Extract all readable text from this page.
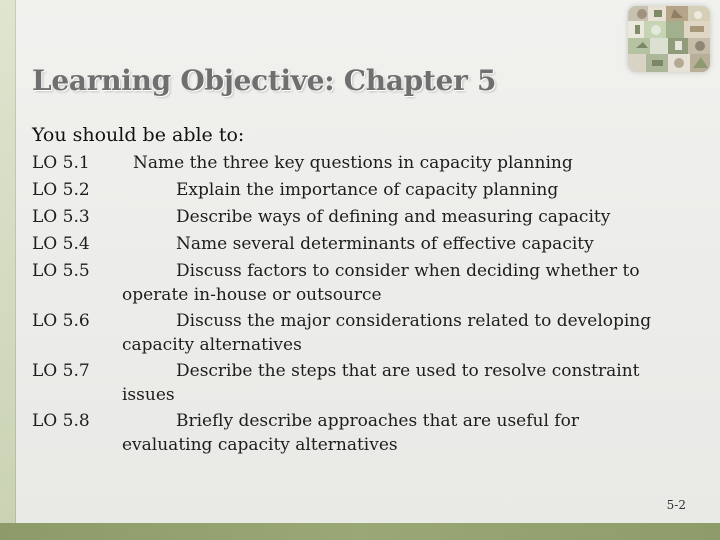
Learning Objective: Chapter 5
You should be able to:
LO 5.1	Name the three key questions in capacity planning
LO 5.2	Explain the importance of capacity planning
LO 5.3	Describe ways of defining and measuring capacity
LO 5.4	Name several determinants of effective capacity
LO 5.5	Discuss factors to consider when deciding whether to operate in-house or outsource
LO 5.6	Discuss the major considerations related to developing capacity alternatives
LO 5.7	Describe the steps that are used to resolve constraint issues
LO 5.8	Briefly describe approaches that are useful for evaluating capacity alternatives
5-2
